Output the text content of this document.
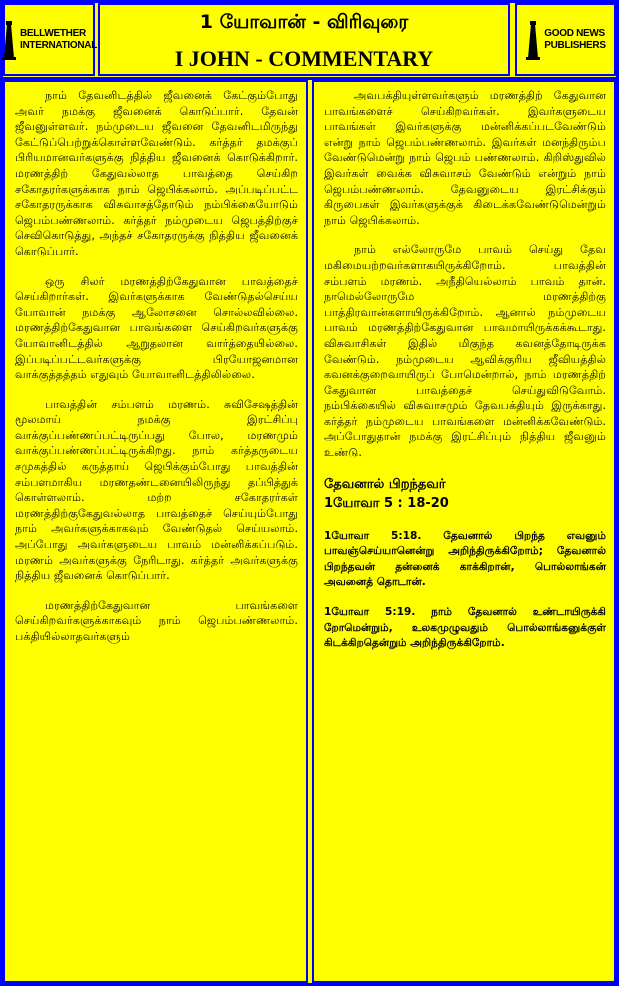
BELLWETHER
INTERNATIONAL
1 யோவான் - விரிவுரை
I JOHN - COMMENTARY
GOOD NEWS
PUBLISHERS

நாம் தேவனிடத்தில் ஜீவனைக் கேட்கும்போது அவர் நமக்கு ஜீவனைக் கொடுப்பார். தேவன் ஜீவனுள்ளவர். நம்முடைய ஜீவனை தேவனிடமிருந்து கேட்டுப்பெற்றுக்கொள்ளவேண்டும். கர்த்தர் தமக்குப் பிரியமானவர்களுக்கு நித்திய ஜீவனைக் கொடுக்கிறார். மரணத்திற் கேதுவல்லாத பாவத்தை செய்கிற சகோதரர்களுக்காக நாம் ஜெபிக்கலாம். அப்படிப்பட்ட சகோதரருக்காக விசுவாசத்தோடும் நம்பிக்கையோடும் ஜெபம்பண்ணலாம். கர்த்தர் நம்முடைய ஜெபத்திற்குச் செவிகொடுத்து, அந்தச் சகோதரருக்கு நித்திய ஜீவனைக் கொடுப்பார்.

ஒரு சிலர் மரணத்திற்கேதுவான பாவத்தைச் செய்கிறார்கள். இவர்களுக்காக வேண்டுதல்செய்ய யோவான் நமக்கு ஆலோசனை சொல்லவில்லை. மரணத்திற்கேதுவான பாவங்களை செய்கிறவர்களுக்கு யோவானிடத்தில் ஆறுதலான வார்த்தையில்லை. இப்படிப்பட்டவர்களுக்கு பிரயோஜனமான வாக்குத்தத்தம் எதுவும் யோவானிடத்திலில்லை.

பாவத்தின் சம்பளம் மரணம். சுவிசேஷத்தின் மூலமாய் நமக்கு இரட்சிப்பு வாக்குப்பண்ணப்பட்டிருப்பது போல, மரணமும் வாக்குப்பண்ணப்பட்டிருக்கிறது. நாம் கர்த்தருடைய சமுகத்தில் கருத்தாய் ஜெபிக்கும்போது பாவத்தின் சம்பளமாகிய மரணதண்டனையிலிருந்து தப்பித்துக் கொள்ளலாம். மற்ற சகோதரர்கள் மரணத்திற்குகேதுவல்லாத பாவத்தைச் செய்யும்போது நாம் அவர்களுக்காகவும் வேண்டுதல் செய்யலாம். அப்போது அவர்களுடைய பாவம் மன்னிக்கப்படும். மரணம் அவர்களுக்கு நேரிடாது. கர்த்தர் அவர்களுக்கு நித்திய ஜீவனைக் கொடுப்பார்.

மரணத்திற்கேதுவான பாவங்களை செய்கிறவர்களுக்காகவும் நாம் ஜெபம்பண்ணலாம். பக்தியில்லாதவர்களும்

அவபக்தியுள்ளவர்களும் மரணத்திற் கேதுவான பாவங்களைச் செய்கிறவர்கள். இவர்களுடைய பாவங்கள் இவர்களுக்கு மன்னிக்கப்படவேண்டும் என்று நாம் ஜெபம்பண்ணலாம். இவர்கள் மனந்திரும்ப வேண்டுமென்று நாம் ஜெபம் பண்ணலாம். கிறிஸ்துவில் இவர்கள் வைக்க விசுவாசம் வேண்டும் என்றும் நாம் ஜெபம்பண்ணலாம். தேவனுடைய இரட்சிக்கும் கிருபைகள் இவர்களுக்குக் கிடைக்கவேண்டுமென்றும் நாம் ஜெபிக்கலாம்.

நாம் எல்லோருமே பாவம் செய்து தேவ மகிமையற்றவர்களாகயிருக்கிறோம். பாவத்தின் சம்பளம் மரணம். அநீதியெல்லாம் பாவம் தான். நாமெல்லோருமே மரணத்திற்கு பாத்திரவான்களாயிருக்கிறோம். ஆனால் நம்முடைய பாவம் மரணத்திற்கேதுவான பாவமாயிருக்கக்கூடாது. விசுவாசிகள் இதில் மிகுந்த கவனத்தோடிருக்க வேண்டும். நம்முடைய ஆவிக்குரிய ஜீவியத்தில் கவனக்குறைவாயிருப் போமென்றால், நாம் மரணத்திற் கேதுவான பாவத்தைச் செய்துவிடுவோம். நம்பிக்கையில் விசுவாசமும் தேவபக்தியும் இருக்காது. கர்த்தர் நம்முடைய பாவங்களை மன்னிக்கவேண்டும். அப்போதுதான் நமக்கு இரட்சிப்பும் நித்திய ஜீவனும் உண்டு.

தேவனால் பிறந்தவர்
1யோவா 5 : 18-20
1யோவா 5:18. தேவனால் பிறந்த எவனும் பாவஞ்செய்யானென்று அறிந்திருக்கிறோம்; தேவனால் பிறந்தவன் தன்னைக் காக்கிறான், பொல்லாங்கன் அவனைத் தொடான்.
1யோவா 5:19. நாம் தேவனால் உண்டாயிருக்கி றோமென்றும், உலகமுழுவதும் பொல்லாங்கனுக்குள் கிடக்கிறதென்றும் அறிந்திருக்கிறோம்.
